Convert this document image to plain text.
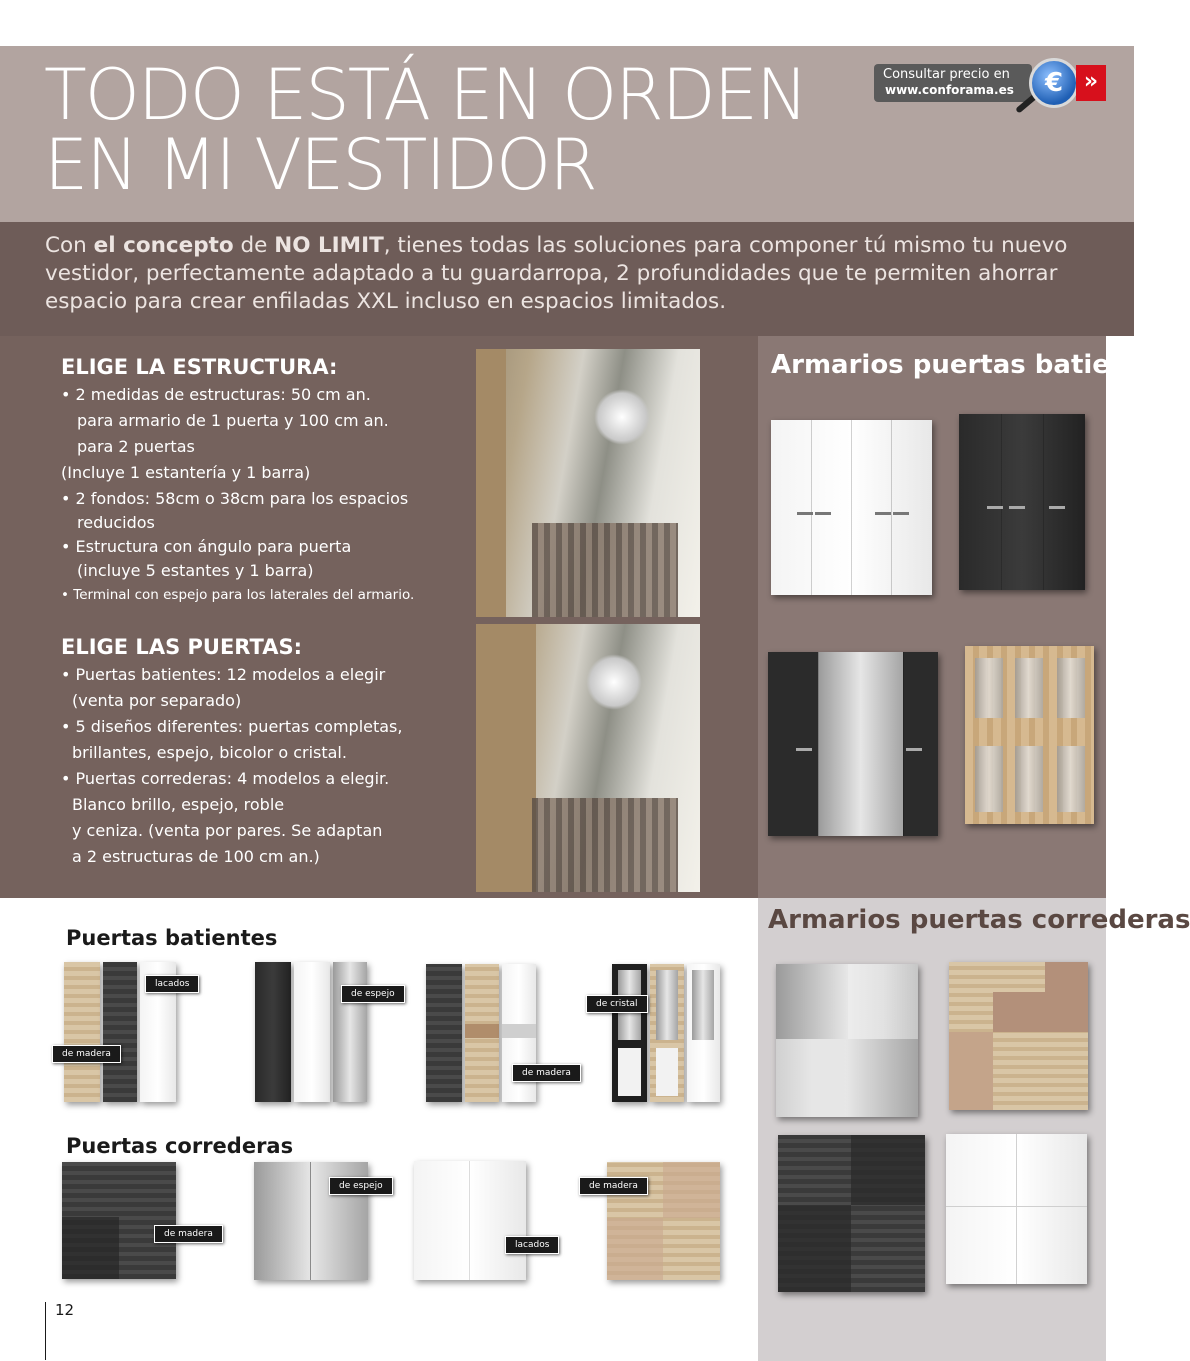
TODO ESTÁ EN ORDEN
EN MI VESTIDOR
Consultar precio en
www.conforama.es	€ »

Con el concepto de NO LIMIT, tienes todas las soluciones para componer tú mismo tu nuevo vestidor, perfectamente adaptado a tu guardarropa, 2 profundidades que te permiten ahorrar espacio para crear enfiladas XXL incluso en espacios limitados.

ELIGE LA ESTRUCTURA:
• 2 medidas de estructuras: 50 cm an.
para armario de 1 puerta y 100 cm an.
para 2 puertas
(Incluye 1 estantería y 1 barra)
• 2 fondos: 58cm o 38cm para los espacios
reducidos
• Estructura con ángulo para puerta
(incluye 5 estantes y 1 barra)
• Terminal con espejo para los laterales del armario.
ELIGE LAS PUERTAS:
• Puertas batientes: 12 modelos a elegir
(venta por separado)
• 5 diseños diferentes: puertas completas,
brillantes, espejo, bicolor o cristal.
• Puertas correderas: 4 modelos a elegir.
Blanco brillo, espejo, roble
y ceniza. (venta por pares. Se adaptan
a 2 estructuras de 100 cm an.)
Armarios puertas batientes
Armarios puertas correderas
Puertas batientes
lacados
de madera
de espejo
de madera
de cristal
Puertas correderas
de madera
de espejo
lacados
de madera
12
